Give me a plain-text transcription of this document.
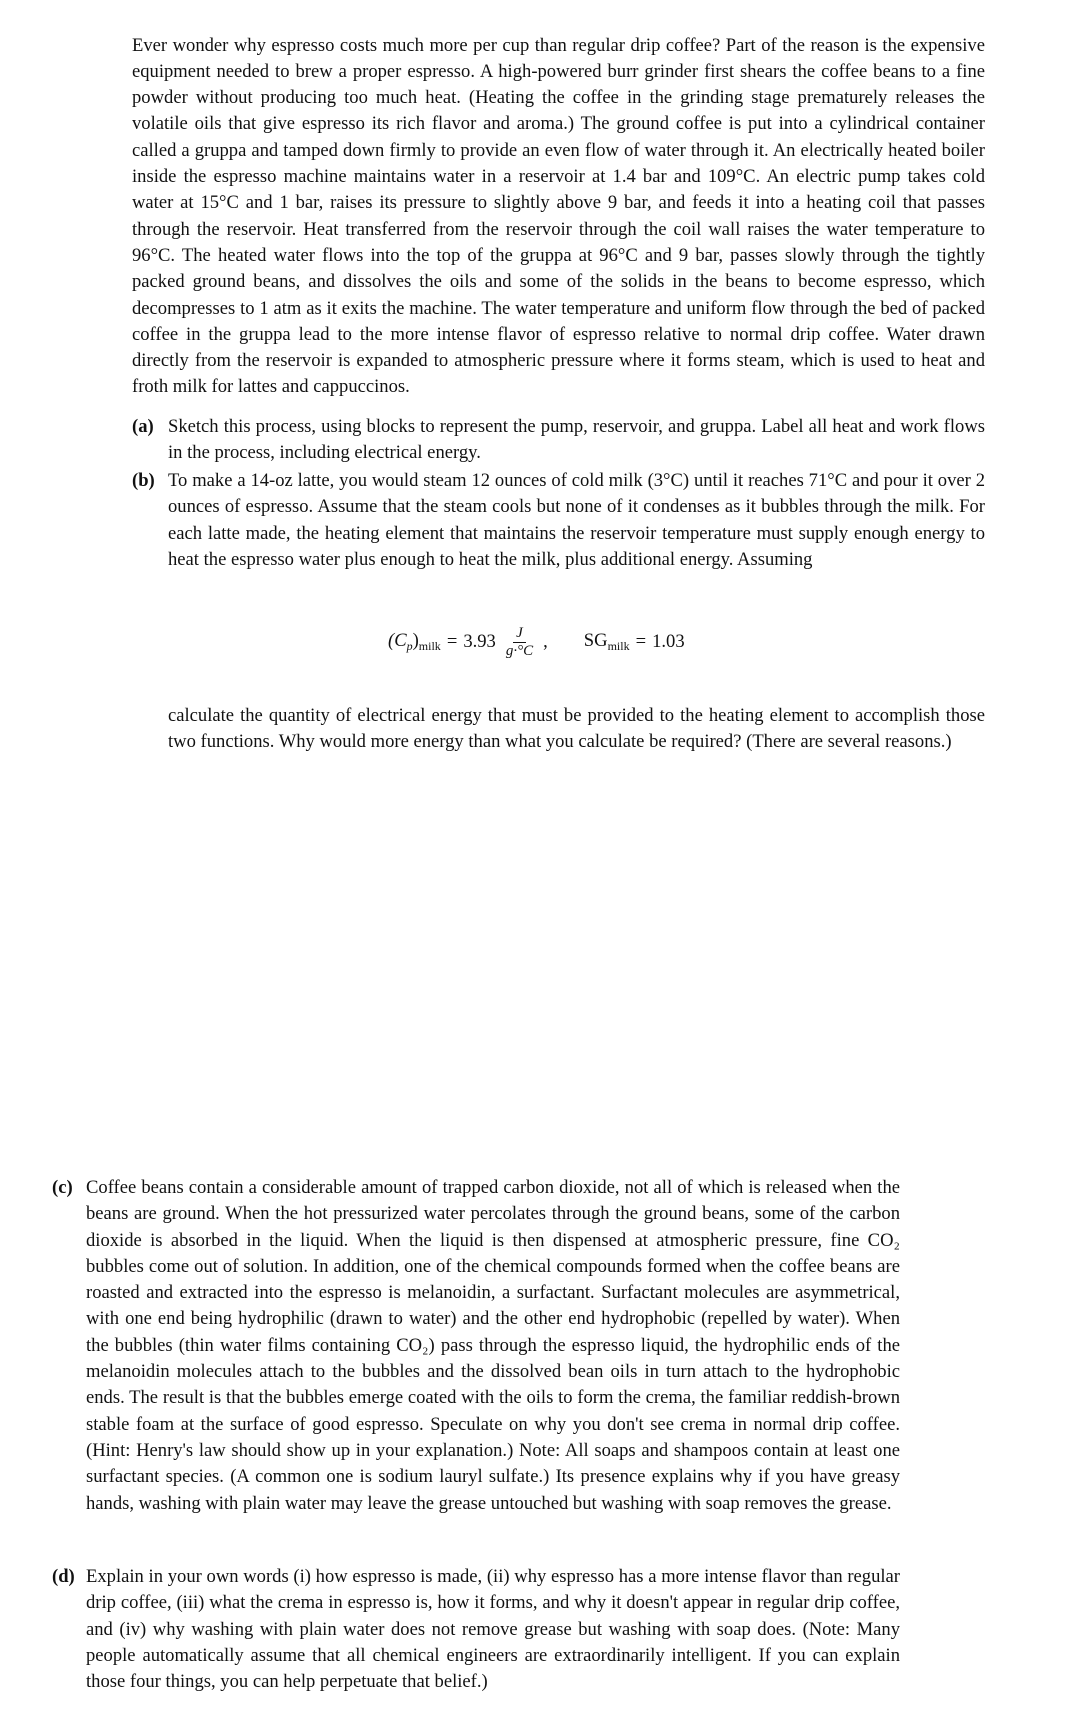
Ever wonder why espresso costs much more per cup than regular drip coffee? Part of the reason is the expensive equipment needed to brew a proper espresso. A high-powered burr grinder first shears the coffee beans to a fine powder without producing too much heat. (Heating the coffee in the grinding stage prematurely releases the volatile oils that give espresso its rich flavor and aroma.) The ground coffee is put into a cylindrical container called a gruppa and tamped down firmly to provide an even flow of water through it. An electrically heated boiler inside the espresso machine maintains water in a reservoir at 1.4 bar and 109°C. An electric pump takes cold water at 15°C and 1 bar, raises its pressure to slightly above 9 bar, and feeds it into a heating coil that passes through the reservoir. Heat transferred from the reservoir through the coil wall raises the water temperature to 96°C. The heated water flows into the top of the gruppa at 96°C and 9 bar, passes slowly through the tightly packed ground beans, and dissolves the oils and some of the solids in the beans to become espresso, which decompresses to 1 atm as it exits the machine. The water temperature and uniform flow through the bed of packed coffee in the gruppa lead to the more intense flavor of espresso relative to normal drip coffee. Water drawn directly from the reservoir is expanded to atmospheric pressure where it forms steam, which is used to heat and froth milk for lattes and cappuccinos.

(a) Sketch this process, using blocks to represent the pump, reservoir, and gruppa. Label all heat and work flows in the process, including electrical energy.
(b) To make a 14-oz latte, you would steam 12 ounces of cold milk (3°C) until it reaches 71°C and pour it over 2 ounces of espresso. Assume that the steam cools but none of it condenses as it bubbles through the milk. For each latte made, the heating element that maintains the reservoir temperature must supply enough energy to heat the espresso water plus enough to heat the milk, plus additional energy. Assuming
$(C_p)_{milk} = 3.93 \frac{J}{g\cdot^\circ C}$ , $SG_{milk} = 1.03$

calculate the quantity of electrical energy that must be provided to the heating element to accomplish those two functions. Why would more energy than what you calculate be required? (There are several reasons.)

(c) Coffee beans contain a considerable amount of trapped carbon dioxide, not all of which is released when the beans are ground. When the hot pressurized water percolates through the ground beans, some of the carbon dioxide is absorbed in the liquid. When the liquid is then dispensed at atmospheric pressure, fine CO₂ bubbles come out of solution. In addition, one of the chemical compounds formed when the coffee beans are roasted and extracted into the espresso is melanoidin, a surfactant. Surfactant molecules are asymmetrical, with one end being hydrophilic (drawn to water) and the other end hydrophobic (repelled by water). When the bubbles (thin water films containing CO₂) pass through the espresso liquid, the hydrophilic ends of the melanoidin molecules attach to the bubbles and the dissolved bean oils in turn attach to the hydrophobic ends. The result is that the bubbles emerge coated with the oils to form the crema, the familiar reddish-brown stable foam at the surface of good espresso. Speculate on why you don't see crema in normal drip coffee. (Hint: Henry's law should show up in your explanation.) Note: All soaps and shampoos contain at least one surfactant species. (A common one is sodium lauryl sulfate.) Its presence explains why if you have greasy hands, washing with plain water may leave the grease untouched but washing with soap removes the grease.
(d) Explain in your own words (i) how espresso is made, (ii) why espresso has a more intense flavor than regular drip coffee, (iii) what the crema in espresso is, how it forms, and why it doesn't appear in regular drip coffee, and (iv) why washing with plain water does not remove grease but washing with soap does. (Note: Many people automatically assume that all chemical engineers are extraordinarily intelligent. If you can explain those four things, you can help perpetuate that belief.)
